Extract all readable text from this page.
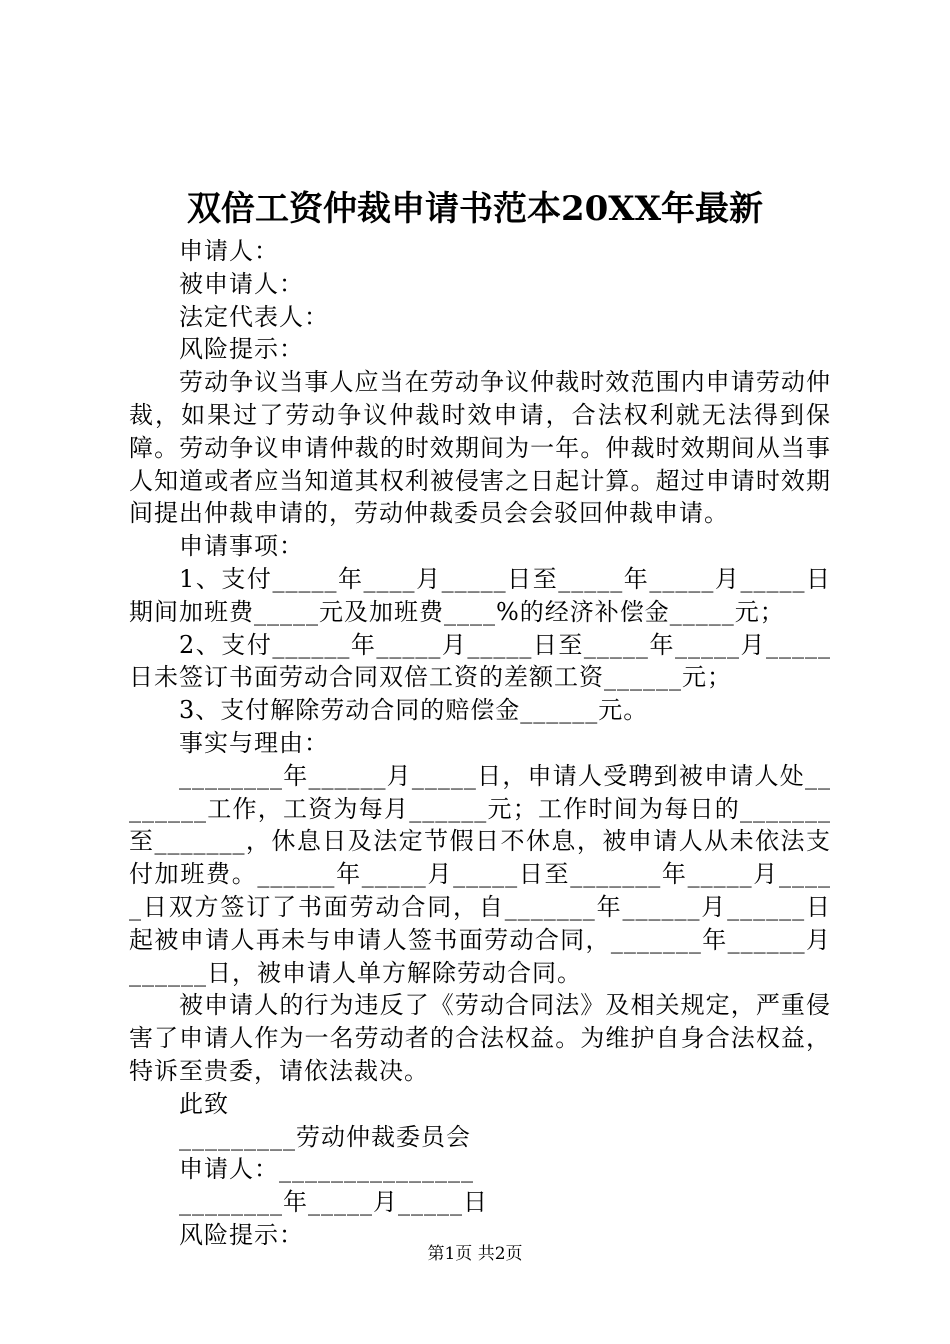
双倍工资仲裁申请书范本20XX年最新

申请人：

被申请人：

法定代表人：

风险提示：

劳动争议当事人应当在劳动争议仲裁时效范围内申请劳动仲裁，如果过了劳动争议仲裁时效申请，合法权利就无法得到保障。劳动争议申请仲裁的时效期间为一年。仲裁时效期间从当事人知道或者应当知道其权利被侵害之日起计算。超过申请时效期间提出仲裁申请的，劳动仲裁委员会会驳回仲裁申请。

申请事项：

1、支付_____年____月_____日至_____年_____月_____日期间加班费_____元及加班费____%的经济补偿金_____元；

2、支付______年_____月_____日至_____年_____月_____日未签订书面劳动合同双倍工资的差额工资______元；

3、支付解除劳动合同的赔偿金______元。

事实与理由：

________年______月_____日，申请人受聘到被申请人处________工作，工资为每月______元；工作时间为每日的_______至_______，休息日及法定节假日不休息，被申请人从未依法支付加班费。______年_____月_____日至_______年_____月_____日双方签订了书面劳动合同，自_______年______月______日起被申请人再未与申请人签书面劳动合同，_______年______月______日，被申请人单方解除劳动合同。

被申请人的行为违反了《劳动合同法》及相关规定，严重侵害了申请人作为一名劳动者的合法权益。为维护自身合法权益，特诉至贵委，请依法裁决。

此致

_________劳动仲裁委员会

申请人：_______________

________年_____月_____日

风险提示：

第1页 共2页
